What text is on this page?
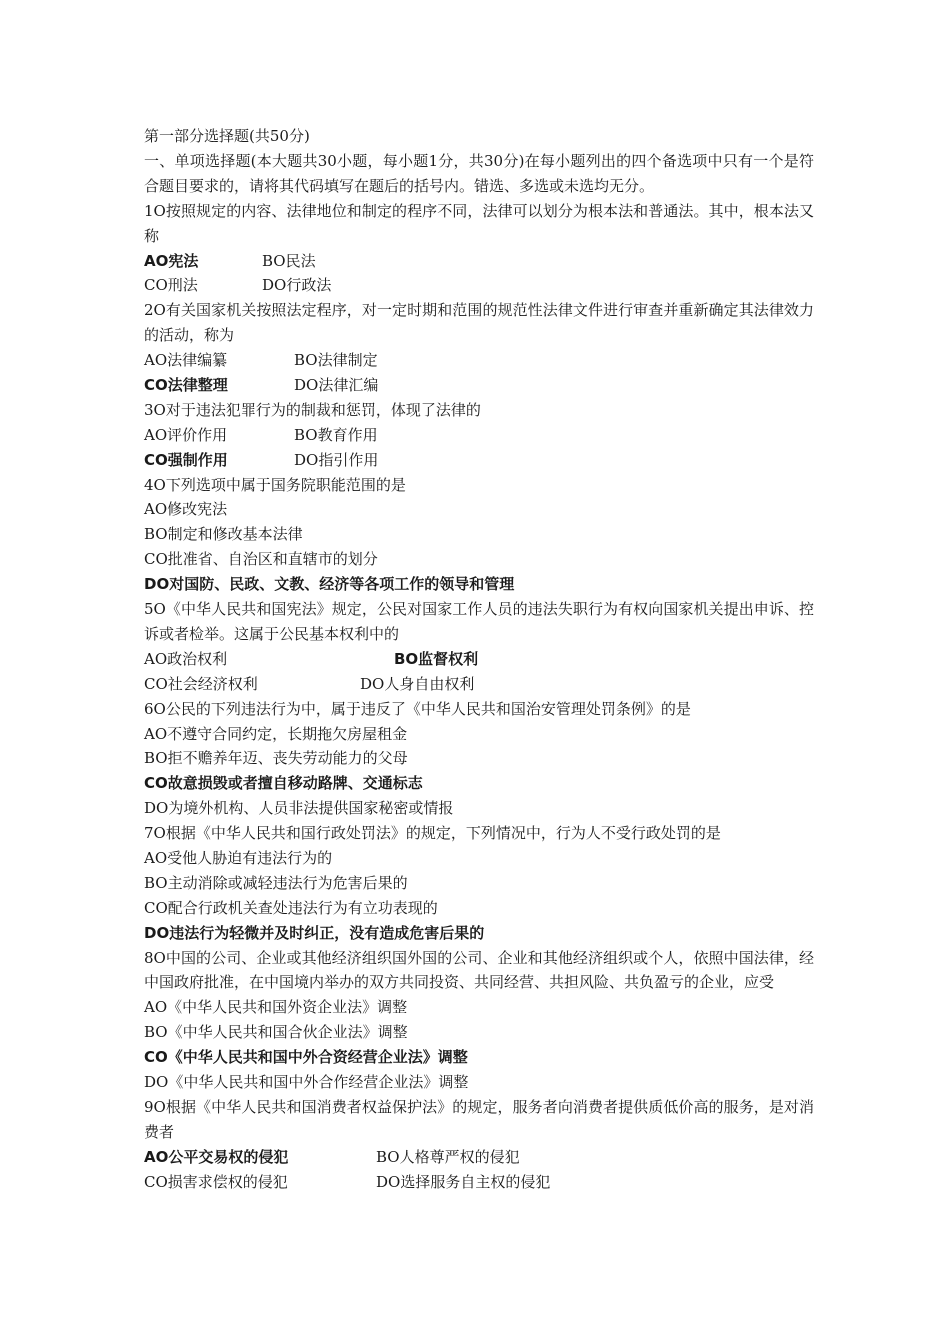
第一部分选择题(共50分)
一、单项选择题(本大题共30小题，每小题1分，共30分)在每小题列出的四个备选项中只有一个是符合题目要求的，请将其代码填写在题后的括号内。错选、多选或未选均无分。
1O按照规定的内容、法律地位和制定的程序不同，法律可以划分为根本法和普通法。其中，根本法又称
AO宪法	BO民法
CO刑法	DO行政法
2O有关国家机关按照法定程序，对一定时期和范围的规范性法律文件进行审查并重新确定其法律效力的活动，称为
AO法律编纂	BO法律制定
CO法律整理	DO法律汇编
3O对于违法犯罪行为的制裁和惩罚，体现了法律的
AO评价作用	BO教育作用
CO强制作用	DO指引作用
4O下列选项中属于国务院职能范围的是
AO修改宪法
BO制定和修改基本法律
CO批准省、自治区和直辖市的划分
DO对国防、民政、文教、经济等各项工作的领导和管理
5O《中华人民共和国宪法》规定，公民对国家工作人员的违法失职行为有权向国家机关提出申诉、控诉或者检举。这属于公民基本权利中的
AO政治权利	BO监督权利
CO社会经济权利	DO人身自由权利
6O公民的下列违法行为中，属于违反了《中华人民共和国治安管理处罚条例》的是
AO不遵守合同约定，长期拖欠房屋租金
BO拒不赡养年迈、丧失劳动能力的父母
CO故意损毁或者擅自移动路牌、交通标志
DO为境外机构、人员非法提供国家秘密或情报
7O根据《中华人民共和国行政处罚法》的规定，下列情况中，行为人不受行政处罚的是
AO受他人胁迫有违法行为的
BO主动消除或减轻违法行为危害后果的
CO配合行政机关查处违法行为有立功表现的
DO违法行为轻微并及时纠正，没有造成危害后果的
8O中国的公司、企业或其他经济组织国外国的公司、企业和其他经济组织或个人，依照中国法律，经中国政府批准，在中国境内举办的双方共同投资、共同经营、共担风险、共负盈亏的企业，应受
AO《中华人民共和国外资企业法》调整
BO《中华人民共和国合伙企业法》调整
CO《中华人民共和国中外合资经营企业法》调整
DO《中华人民共和国中外合作经营企业法》调整
9O根据《中华人民共和国消费者权益保护法》的规定，服务者向消费者提供质低价高的服务，是对消费者
AO公平交易权的侵犯	BO人格尊严权的侵犯
CO损害求偿权的侵犯	DO选择服务自主权的侵犯
